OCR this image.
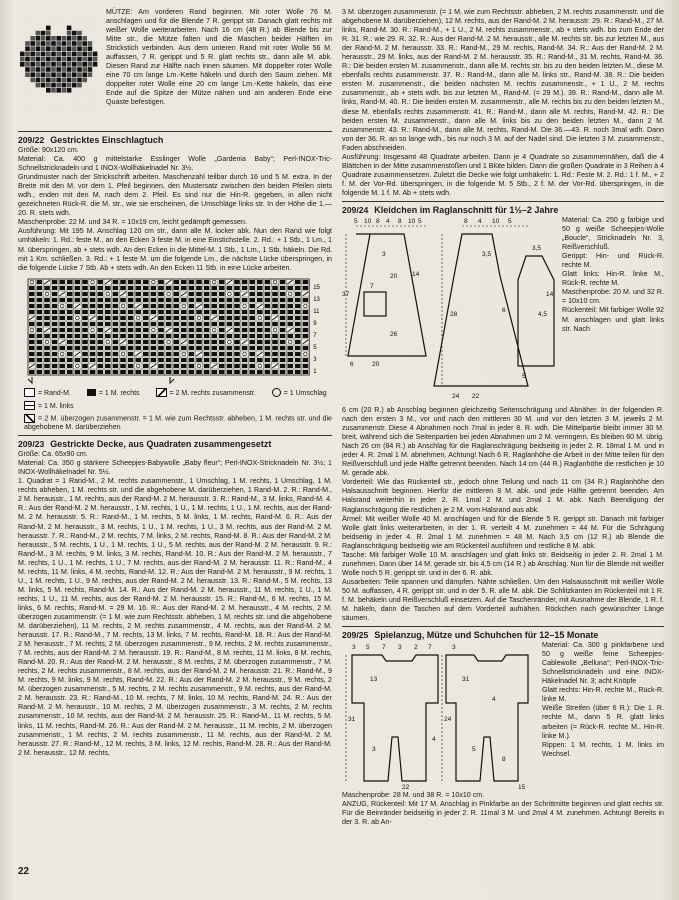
MÜTZE: Am vorderen Rand beginnen. Mit roter Wolle 76 M. anschlagen und für die Blende 7 R. gerippt str. Danach glatt rechts mit weißer Wolle weiterarbeiten. Nach 16 cm (48 R.) ab Blende bis zur Mitte str., die Mütze falten und die Maschen beider Hälften im Strickstich verbinden. Aus dem unteren Rand mit roter Wolle 56 M. auffassen, 7 R. gerippt und 5 R. glatt rechts str., dann alle M. abk. Diesen Rand zur Hälfte nach innen säumen. Mit doppelter roter Wolle eine 70 cm lange Lm.-Kette häkeln und durch den Saum ziehen. Mit doppelter roter Wolle eine 20 cm lange Lm.-Kette häkeln, das eine Ende auf die Spitze der Mütze nähen und am anderen Ende eine Quaste befestigen.

209/22 Gestricktes Einschlagtuch

Größe: 90x120 cm.

Material: Ca. 400 g mittelstarke Esslinger Wolle „Gardenia Baby“; Perl-INOX-Tric-Schnellstricknadeln und 1 INOX-Wollhäkelnadel Nr. 3½.

Grundmuster nach der Strickschrift arbeiten. Maschenzahl teilbar durch 16 und 5 M. extra. In der Breite mit den M. vor dem 1. Pfeil beginnen, den Mustersatz zwischen den beiden Pfeilen stets wdh., enden mit den M. nach dem 2. Pfeil. Es sind nur die Hin-R. gegeben, in allen nicht gezeichneten Rück-R. die M. str., wie sie erscheinen, die Umschläge links str. In der Höhe die 1.—20. R. stets wdh.

Maschenprobe: 22 M. und 34 R. = 10x19 cm, leicht gedämpft gemessen.

Ausführung: Mit 195 M. Anschlag 120 cm str., dann alle M. locker abk. Nun den Rand wie folgt umhäkeln: 1. Rd.: feste M., an den Ecken 3 feste M. in eine Einstichstelle. 2. Rd.: + 1 Stb., 1 Lm., 1 M. überspringen, ab + stets wdh. An den Ecken in die Mittel-M. 1 Stb., 1 Lm., 1 Stb. häkeln. Die Rd. mit 1 Km. schließen. 3. Rd.: + 1 feste M. um die folgende Lm., die nächste Lücke überspringen, in die folgende Lücke 7 Stb. Ab + stets wdh. An den Ecken 11 Stb. in eine Lücke arbeiten.

15
13
11
9
7
5
3
1
= Rand-M.	= 1 M. rechts	= 2 M. rechts zusammenstr.	= 1 Umschlag
= 1 M. links

= 2 M. überzogen zusammenstr. = 1 M. wie zum Rechtsstr. abheben, 1 M. rechts str. und die abgehobene M. darüberziehen

209/23 Gestrickte Decke, aus Quadraten zusammengesetzt

Größe: Ca. 65x90 cm.

Material: Ca. 350 g stärkere Scheepjes-Babywolle „Baby fleur“; Perl-INOX-Stricknadeln Nr. 3½; 1 INOX-Wollhäkelnadel Nr. 5½.

1. Quadrat = 1 Rand-M., 2 M. rechts zusammenstr., 1 Umschlag, 1 M. rechts, 1 Umschlag, 1 M. rechts abheben, 1 M. rechts str. und die abgehobene M. darüberziehen, 1 Rand-M. 2. R.: Rand-M., 2 M. herausstr., 1 M. rechts, aus der Rand-M. 2 M. herausstr. 3. R.: Rand-M., 3 M. links, Rand-M. 4. R.: Aus der Rand-M. 2 M. herausstr., 1 M. rechts, 1 U., 1 M. rechts, 1 U., 1 M. rechts, aus der Rand-M. 2 M. herausstr. 5. R.: Rand-M., 1 M. rechts, 5 M. links, 1 M. rechts, Rand-M. 6. R.: Aus der Rand-M. 2 M. herausstr., 3 M. rechts, 1 U., 1 M. rechts, 1 U., 3 M. rechts, aus der Rand-M. 2 M. herausstr. 7. R.: Rand-M., 2 M. rechts, 7 M. links, 2 M. rechts, Rand-M. 8. R.: Aus der Rand-M. 2 M. herausstr., 5 M. rechts, 1 U., 1 M. rechts, 1 U., 5 M. rechts, aus der Rand-M. 2 M. herausstr. 9. R.: Rand-M., 3 M. rechts, 9 M. links, 3 M. rechts, Rand-M. 10. R.: Aus der Rand-M. 2 M. herausstr., 7 M. rechts, 1 U., 1 M. rechts, 1 U., 7 M. rechts, aus der Rand-M. 2 M. herausstr. 11. R.: Rand-M., 4 M. rechts, 11 M. links, 4 M. rechts, Rand-M. 12. R.: Aus der Rand-M. 2 M. herausstr., 9 M. rechts, 1 U., 1 M. rechts, 1 U., 9 M. rechts, aus der Rand-M. 2 M. herausstr. 13. R.: Rand-M., 5 M. rechts, 13 M. links, 5 M. rechts, Rand-M. 14. R.: Aus der Rand-M. 2 M. herausstr., 11 M. rechts, 1 U., 1 M. rechts, 1 U., 11 M. rechts, aus der Rand-M. 2 M. herausstr. 15. R.: Rand-M., 6 M. rechts, 15 M. links, 6 M. rechts, Rand-M. = 29 M. 16. R.: Aus der Rand-M. 2 M. herausstr., 4 M. rechts, 2 M. überzogen zusammenstr. (= 1 M. wie zum Rechtsstr. abheben, 1 M. rechts str. und die abgehobene M. darüberziehen), 11 M. rechts, 2 M. rechts zusammenstr., 4 M. rechts, aus der Rand-M. 2 M. herausstr. 17. R.: Rand-M., 7 M. rechts, 13 M. links, 7 M. rechts, Rand-M. 18. R.: Aus der Rand-M. 2 M. herausstr., 7 M. rechts, 2 M. überzogen zusammenstr., 9 M. rechts, 2 M. rechts zusammenstr., 7 M. rechts, aus der Rand-M. 2 M. herausstr. 19. R.: Rand-M., 8 M. rechts, 11 M. links, 8 M. rechts, Rand-M. 20. R.: Aus der Rand-M. 2 M. herausstr., 8 M. rechts, 2 M. überzogen zusammenstr., 7 M. rechts, 2 M. rechts zusammenstr., 8 M. rechts, aus der Rand-M. 2 M. herausstr. 21. R.: Rand-M., 9 M. rechts, 9 M. links, 9 M. rechts, Rand-M. 22. R.: Aus der Rand-M. 2 M. herausstr., 9 M. rechts, 2 M. überzogen zusammenstr., 5 M. rechts, 2 M. rechts zusammenstr., 9 M. rechts, aus der Rand-M. 2 M. herausstr. 23. R.: Rand-M., 10 M. rechts, 7 M. links, 10 M. rechts, Rand-M. 24. R.: Aus der Rand-M. 2 M. herausstr., 10 M. rechts, 2 M. überzogen zusammenstr., 3 M. rechts, 2 M. rechts zusammenstr., 10 M. rechts, aus der Rand-M. 2 M. herausstr. 25. R.: Rand-M., 11 M. rechts, 5 M. links, 11 M. rechts, Rand-M. 26. R.: Aus der Rand-M. 2 M. herausstr., 11 M. rechts, 2 M. überzogen zusammenstr., 1 M. rechts, 2 M. rechts zusammenstr., 11 M. rechts, aus der Rand-M. 2 M. herausstr. 27. R.: Rand-M., 12 M. rechts, 3 M. links, 12 M. rechts, Rand-M. 28. R.: Aus der Rand-M. 2 M. herausstr., 12 M. rechts,

3 M. überzogen zusammenstr. (= 1 M. wie zum Rechtsstr. abheben, 2 M. rechts zusammenstr. und die abgehobene M. darüberziehen), 12 M. rechts, aus der Rand-M. 2 M. herausstr. 29. R.: Rand-M., 27 M. links, Rand-M. 30. R.: Rand-M., + 1 U., 2 M. rechts zusammenstr., ab + stets wdh. bis zum Ende der R. 31. R.: wie 29. R. 32. R.: Aus der Rand-M. 2 M. herausstr., alle M. rechts str. bis zur letzten M., aus der Rand-M. 2 M. herausstr. 33. R.: Rand-M., 29 M. rechts, Rand-M. 34. R.: Aus der Rand-M. 2 M. herausstr., 29 M. links, aus der Rand-M. 2 M. herausstr. 35. R.: Rand-M., 31 M. rechts, Rand-M. 36. R.: Die beiden ersten M. zusammenstr., dann alle M. rechts str. bis zu den beiden letzten M., diese M. ebenfalls rechts zusammenstr. 37. R.: Rand-M., dann alle M. links str., Rand-M. 38. R.: Die beiden ersten M. zusammenstr., die beiden nächsten M. rechts zusammenstr., + 1 U., 2 M. rechts zusammenstr., ab + stets wdh. bis zur letzten M., Rand-M. (= 29 M.). 39. R.: Rand-M., dann alle M. links, Rand-M. 40. R.: Die beiden ersten M. zusammenstr., alle M. rechts bis zu den beiden letzten M., diese M. ebenfalls rechts zusammenstr. 41. R.: Rand-M., dann alle M. rechts, Rand-M. 42. R.: Die beiden ersten M. zusammenstr., dann alle M. links bis zu den beiden letzten M., dann 2 M. zusammenstr. 43. R.: Rand-M., dann alle M. rechts, Rand-M. Die 36.—43. R. noch 3mal wdh. Dann von der 36. R. an so lange wdh., bis nur noch 3 M. auf der Nadel sind. Die letzten 3 M. zusammenstr., Faden abschneiden.

Ausführung: Insgesamt 48 Quadrate arbeiten. Dann je 4 Quadrate so zusammennähen, daß die 4 Blättchen in der Mitte zusammenstoßen und 1 Blüte bilden. Dann die großen Quadrate in 3 Reihen à 4 Quadrate zusammensetzen. Zuletzt die Decke wie folgt umhäkeln: 1. Rd.: Feste M. 2. Rd.: 1 f. M., + 2 f. M. der Vor-Rd. überspringen, in die folgende M. 5 Stb., 2 f. M. der Vor-Rd. überspringen, in die folgende M. 1 f. M. Ab + stets wdh.

209/24 Kleidchen im Raglanschnitt für 1½–2 Jahre
5 10 8 4 8 10 5	8 4 10 5
20
26
6
37
3
14
28
3,5
6
3,5
4,5
20
22
24
7
5
14

Material: Ca. 250 g farbige und 50 g weiße Scheepjes-Wolle „Boucle“, Stricknadeln Nr. 3, Reißverschluß.

Gerippt: Hin- und Rück-R. rechte M.

Glatt links: Hin-R. linke M., Rück-R. rechte M.

Maschenprobe: 20 M. und 32 R. = 10x10 cm.

Rückenteil: Mit farbiger Wolle 92 M. anschlagen und glatt links str. Nach

6 cm (20 R.) ab Anschlag beginnen gleichzeitig Seitenschrägung und Abnäher. In der folgenden R. nach den ersten 3 M., vor und nach den mittleren 30 M. und vor den letzten 3 M. jeweils 2 M. zusammenstr. Diese 4 Abnahmen noch 7mal in jeder 8. R. wdh. Die Mittelpartie bleibt immer 30 M. breit, während sich die Seitenpartien bei jeden Abnahmen um 2 M. verringern. Es bleiben 60 M. übrig. Nach 26 cm (84 R.) ab Anschlag für die Raglanschrägung beidseitig in jeder 2. R. 18mal 1 M. und in jeder 4. R. 2mal 1 M. abnehmen. Achtung! Nach 6 R. Raglanhöhe die Arbeit in der Mitte teilen für den Reißverschluß und jede Hälfte getrennt beenden. Nach 14 cm (44 R.) Raglanhöhe die restlichen je 10 M. gerade abk.

Vorderteil: Wie das Rückenteil str., jedoch ohne Teilung und nach 11 cm (34 R.) Raglanhöhe den Halsausschnitt beginnen. Hierfür die mittleren 8 M. abk. und jede Hälfte getrennt beenden. Am Halsrand weiterhin in jeder 2. R. 1mal 2 M. und 2mal 1 M. abk. Nach Beendigung der Raglanschrägung die restlichen je 2 M. vom Halsrand aus abk.

Ärmel: Mit weißer Wolle 40 M. anschlagen und für die Blende 5 R. gerippt str. Danach mit farbiger Wolle glatt links weiterarbeiten, in der 1. R. verteilt 4 M. zunehmen = 44 M. Für die Schrägung beidseitig in jeder 4. R. 2mal 1 M. zunehmen = 48 M. Nach 3,5 cm (12 R.) ab Blende die Raglanschrägung beidseitig wie am Rückenteil ausführen und restliche 8 M. abk.

Tasche: Mit farbiger Wolle 10 M. anschlagen und glatt links str. Beidseitig in jeder 2. R. 2mal 1 M. zunehmen. Dann über 14 M. gerade str. bis 4,5 cm (14 R.) ab Anschlag. Nun für die Blende mit weißer Wolle noch 5 R. gerippt str. und in der 6. R. abk.

Ausarbeiten: Teile spannen und dämpfen. Nähte schließen. Um den Halsausschnitt mit weißer Wolle 50 M. auffassen, 4 R. gerippt str. und in der 5. R. alle M. abk. Die Schlitzkanten im Rückenteil mit 1 R. f. M. behäkeln und Reißverschluß einsetzen. Auf die Taschenränder, mit Ausnahme der Blende, 1 R. f. M. häkeln, dann die Taschen auf dem Vorderteil aufnähen. Röckchen nach gewünschter Länge säumen.

209/25 Spielanzug, Mütze und Schuhchen für 12–15 Monate
3 5 7 3 2 7	3
31
13
3
24
31
5
4
22
4
8
15

Material: Ca. 300 g pinkfarbene und 50 g weiße feine Scheepjes-Cablewolle „Belluna“; Perl-INOX-Tric-Schnellstricknadeln und eine INOX-Häkelnadel Nr. 3; acht Knöpfe

Glatt rechts: Hin-R. rechte M., Rück-R. linke M.

Weiße Streifen (über 6 R.): Die 1. R. rechte M., dann 5 R. glatt links arbeiten (= Rück-R. rechte M., Hin-R. linke M.).

Rippen: 1 M. rechts, 1 M. links im Wechsel.

Maschenprobe: 28 M. und 38 R. = 10x10 cm.

ANZUG, Rückenteil: Mit 17 M. Anschlag in Pinkfarbe an der Schrittmitte beginnen und glatt rechts str. Für die Beinränder beidseitig in jeder 2. R. 11mal 3 M. und 2mal 4 M. zunehmen. Achtung! Bereits in der 3. R. ab An-

22
